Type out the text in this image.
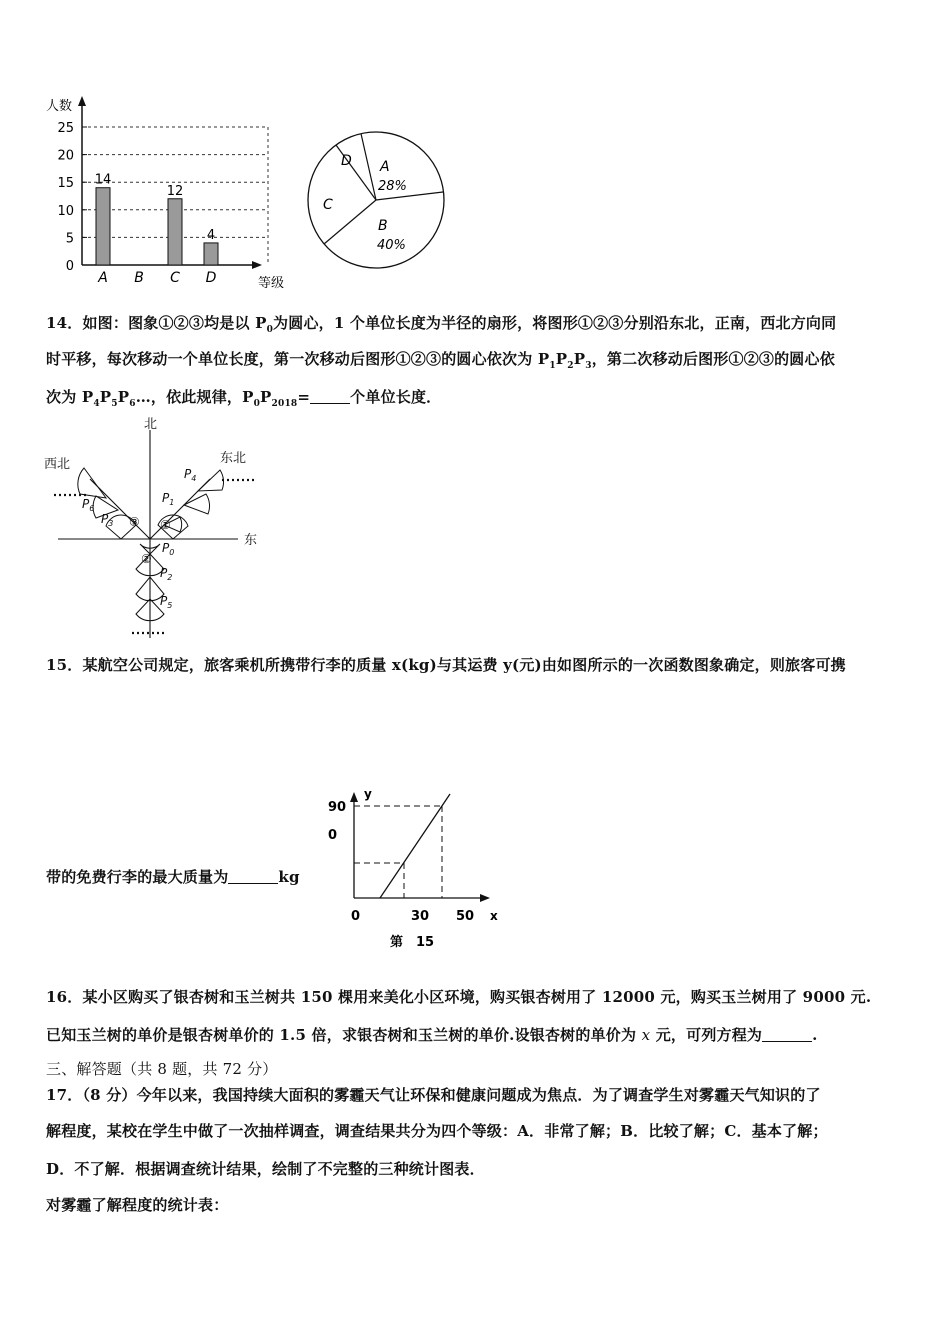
人数
等级
0
5
10
15
20
25
14
A B
12
C
4
D
D A
28%
C
B
40%
14．如图：图象①②③均是以 $P_0$为圆心，1 个单位长度为半径的扇形，将图形①②③分别沿东北，正南，西北方向同
时平移，每次移动一个单位长度，第一次移动后图形①②③的圆心依次为 $P_1P_2P_3$，第二次移动后图形①②③的圆心依
次为 $P_4P_5P_6\dots$，依此规律，$P_0P_{2018}=$	个单位长度．
北
东
东北
西北
①
③
②
$P_1$
$P_4$
$P_3$
$P_6$
$P_0$
$P_2$
$P_5$
15．某航空公司规定，旅客乘机所携带行李的质量 x(kg)与其运费 y(元)由如图所示的一次函数图象确定，则旅客可携
带的免费行李的最大质量为	kg
y
90
0
0	30 50 x
第　15
16．某小区购买了银杏树和玉兰树共 150 棵用来美化小区环境，购买银杏树用了 12000 元，购买玉兰树用了 9000 元.
已知玉兰树的单价是银杏树单价的 1.5 倍，求银杏树和玉兰树的单价.设银杏树的单价为 x 元，可列方程为	.
三、解答题（共 8 题，共 72 分）
17．（8 分）今年以来，我国持续大面积的雾霾天气让环保和健康问题成为焦点．为了调查学生对雾霾天气知识的了
解程度，某校在学生中做了一次抽样调查，调查结果共分为四个等级：A．非常了解；B．比较了解；C．基本了解；
D．不了解．根据调查统计结果，绘制了不完整的三种统计图表．
对雾霾了解程度的统计表：
